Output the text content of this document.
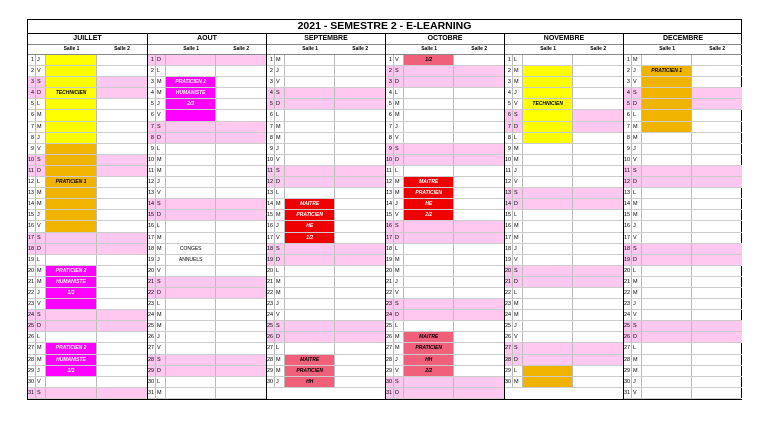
2021 - SEMESTRE 2 - E-LEARNING
JUILLET
Salle 1	Salle 2
1 J
2 V
3 S
4 D	TECHNICIEN
5 L
6 M
7 M
8 J
9 V
10 S
11 D
12 L	PRATICIEN 1
13 M
14 M
15 J
16 V
17 S
18 D
19 L
20 M	PRATICIEN 2
21 M	HUMANISTE
22 J	1/3
23 V
24 S
25 D
26 L
27 M	PRATICIEN 2
28 M	HUMANISTE
29 J	3/3
30 V
31 S
AOUT
Salle 1	Salle 2
1 D
2 L
3 M	PRATICIEN 2
4 M	HUMANISTE
5 J	2/3
6 V
7 S
8 D
9 L
10 M
11 M
12 J
13 V
14 S
15 D
16 L
17 M
18 M	CONGES
19 J	ANNUELS
20 V
21 S
22 D
23 L
24 M
25 M
26 J
27 V
28 S
29 D
30 L
31 M
SEPTEMBRE
Salle 1	Salle 2
1 M
2 J
3 V
4 S
5 D
6 L
7 M
8 M
9 J
10 V
11 S
12 D
13 L
14 M	MAITRE
15 M	PRATICIEN
16 J	HE
17 V	1/2
18 S
19 D
20 L
21 M
22 M
23 J
24 V
25 S
26 D
27 L
28 M	MAITRE
29 M	PRATICIEN
30 J	HH
OCTOBRE
Salle 1	Salle 2
1 V	1/2
2 S
3 D
4 L
5 M
6 M
7 J
8 V
9 S
10 D
11 L
12 M	MAITRE
13 M	PRATICIEN
14 J	HE
15 V	2/2
16 S
17 D
18 L
19 M
20 M
21 J
22 V
23 S
24 D
25 L
26 M	MAITRE
27 M	PRATICIEN
28 J	HH
29 V	2/2
30 S
31 D
NOVEMBRE
Salle 1	Salle 2
1 L
2 M
3 M
4 J
5 V	TECHNICIEN
6 S
7 D
8 L
9 M
10 M
11 J
12 V
13 S
14 D
15 L
16 M
17 M
18 J
19 V
20 S
21 D
22 L
23 M
24 M
25 J
26 V
27 S
28 D
29 L
30 M
DECEMBRE
Salle 1	Salle 2
1 M
2 J	PRATICIEN 1
3 V
4 S
5 D
6 L
7 M
8 M
9 J
10 V
11 S
12 D
13 L
14 M
15 M
16 J
17 V
18 S
19 D
20 L
21 M
22 M
23 J
24 V
25 S
26 D
27 L
28 M
29 M
30 J
31 V
